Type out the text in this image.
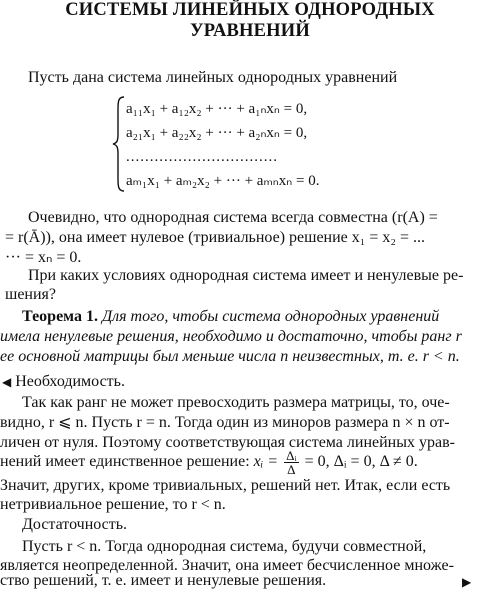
СИСТЕМЫ ЛИНЕЙНЫХ ОДНОРОДНЫХ
УРАВНЕНИЙ
Пусть дана система линейных однородных уравнений
a₁₁x₁ + a₁₂x₂ + ··· + a₁ₙxₙ = 0,
a₂₁x₁ + a₂₂x₂ + ··· + a₂ₙxₙ = 0,
................................
aₘ₁x₁ + aₘ₂x₂ + ··· + aₘₙxₙ = 0.
Очевидно, что однородная система всегда совместна (r(A) =
= r(Ā)), она имеет нулевое (тривиальное) решение x₁ = x₂ = ...
··· = xₙ = 0.
При каких условиях однородная система имеет и ненулевые ре-
шения?
Теорема 1. Для того, чтобы система однородных уравнений
имела ненулевые решения, необходимо и достаточно, чтобы ранг r
ее основной матрицы был меньше числа n неизвестных, т. е. r < n.
◀ Необходимость.
Так как ранг не может превосходить размера матрицы, то, оче-
видно, r ⩽ n. Пусть r = n. Тогда один из миноров размера n × n от-
личен от нуля. Поэтому соответствующая система линейных урав-
нений имеет единственное решение: xᵢ = $\frac{\text{Δᵢ}}{\Delta} = 0$, Δᵢ = 0, Δ ≠ 0.
Значит, других, кроме тривиальных, решений нет. Итак, если есть
нетривиальное решение, то r < n.
Достаточность.
Пусть r < n. Тогда однородная система, будучи совместной,
является неопределенной. Значит, она имеет бесчисленное множе-
ство решений, т. е. имеет и ненулевые решения.	▶
